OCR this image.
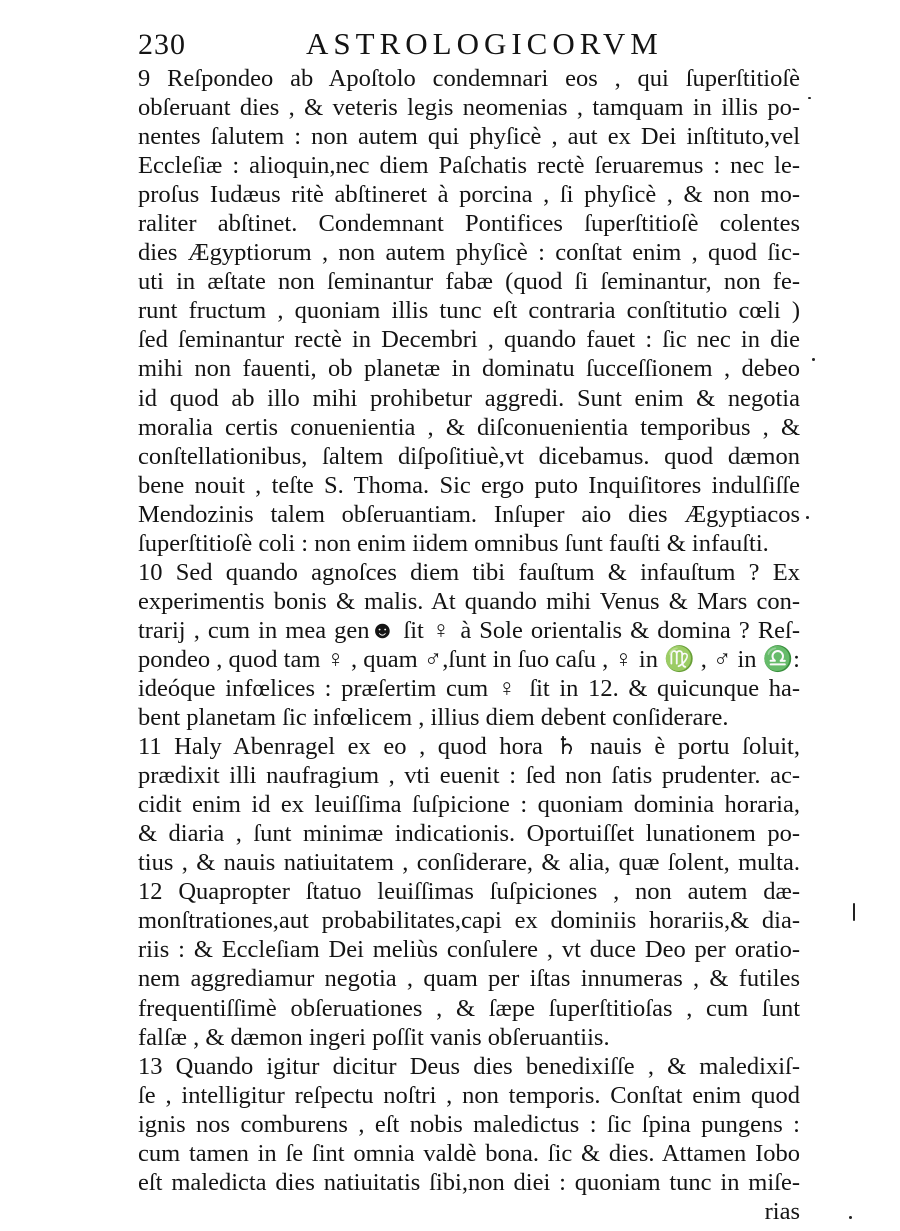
230	ASTROLOGICORVM
9 Reſpondeo ab Apoſtolo condemnari eos , qui ſuperſtitioſè
obſeruant dies , & veteris legis neomenias , tamquam in illis po-
nentes ſalutem : non autem qui phyſicè , aut ex Dei inſtituto,vel
Eccleſiæ : alioquin,nec diem Paſchatis rectè ſeruaremus : nec le-
proſus Iudæus ritè abſtineret à porcina , ſi phyſicè , & non mo-
raliter abſtinet. Condemnant Pontifices ſuperſtitioſè colentes
dies Ægyptiorum , non autem phyſicè : conſtat enim , quod ſic-
uti in æſtate non ſeminantur fabæ (quod ſi ſeminantur, non fe-
runt fructum , quoniam illis tunc eſt contraria conſtitutio cœli )
ſed ſeminantur rectè in Decembri , quando fauet : ſic nec in die
mihi non fauenti, ob planetæ in dominatu ſucceſſionem , debeo
id quod ab illo mihi prohibetur aggredi. Sunt enim & negotia
moralia certis conuenientia , & diſconuenientia temporibus , &
conſtellationibus, ſaltem diſpoſitiuè,vt dicebamus. quod dæmon
bene nouit , teſte S. Thoma. Sic ergo puto Inquiſitores indulſiſſe
Mendozinis talem obſeruantiam. Inſuper aio dies Ægyptiacos
ſuperſtitioſè coli : non enim iidem omnibus ſunt fauſti & infauſti.
10 Sed quando agnoſces diem tibi fauſtum & infauſtum ? Ex
experimentis bonis & malis. At quando mihi Venus & Mars con-
trarij , cum in mea gen☻ ſit ♀ à Sole orientalis & domina ? Reſ-
pondeo , quod tam ♀ , quam ♂,ſunt in ſuo caſu , ♀ in ♍ , ♂ in ♎:
ideóque infœlices : præſertim cum ♀ ſit in 12. & quicunque ha-
bent planetam ſic infœlicem , illius diem debent conſiderare.
11 Haly Abenragel ex eo , quod hora ♄ nauis è portu ſoluit,
prædixit illi naufragium , vti euenit : ſed non ſatis prudenter. ac-
cidit enim id ex leuiſſima ſuſpicione : quoniam dominia horaria,
& diaria , ſunt minimæ indicationis. Oportuiſſet lunationem po-
tius , & nauis natiuitatem , conſiderare, & alia, quæ ſolent, multa.
12 Quapropter ſtatuo leuiſſimas ſuſpiciones , non autem dæ-
monſtrationes,aut probabilitates,capi ex dominiis horariis,& dia-
riis : & Eccleſiam Dei meliùs conſulere , vt duce Deo per oratio-
nem aggrediamur negotia , quam per iſtas innumeras , & futiles
frequentiſſimè obſeruationes , & ſæpe ſuperſtitioſas , cum ſunt
falſæ , & dæmon ingeri poſſit vanis obſeruantiis.
13 Quando igitur dicitur Deus dies benedixiſſe , & maledixiſ-
ſe , intelligitur reſpectu noſtri , non temporis. Conſtat enim quod
ignis nos comburens , eſt nobis maledictus : ſic ſpina pungens :
cum tamen in ſe ſint omnia valdè bona. ſic & dies. Attamen Iobo
eſt maledicta dies natiuitatis ſibi,non diei : quoniam tunc in miſe-
rias
